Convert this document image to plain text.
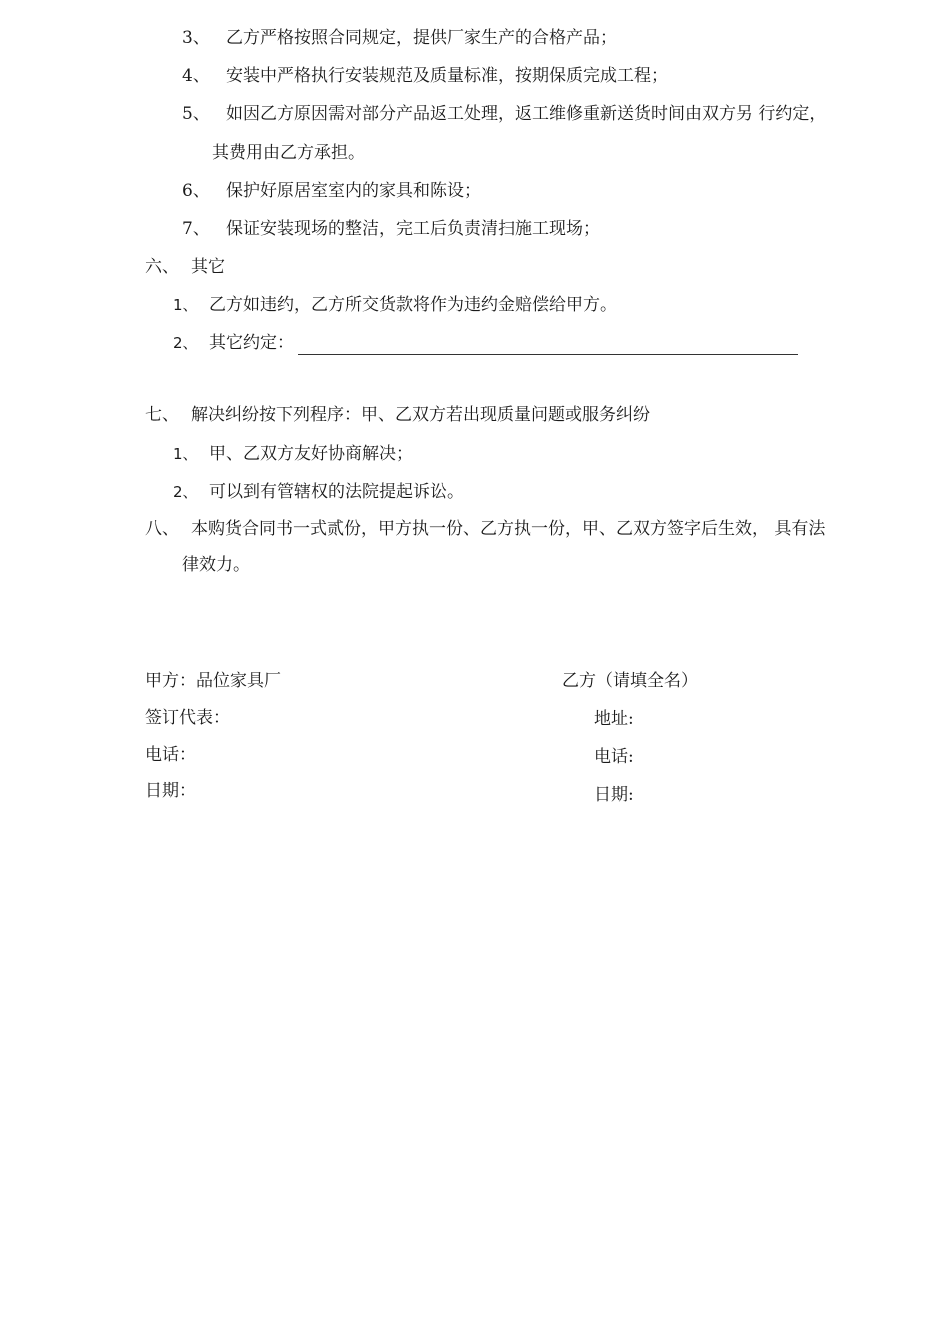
3、 乙方严格按照合同规定，提供厂家生产的合格产品；
4、 安装中严格执行安装规范及质量标准，按期保质完成工程；
5、 如因乙方原因需对部分产品返工处理，返工维修重新送货时间由双方另 行约定，
其费用由乙方承担。
6、 保护好原居室室内的家具和陈设；
7、 保证安装现场的整洁，完工后负责清扫施工现场；
六、 其它
1、 乙方如违约，乙方所交货款将作为违约金赔偿给甲方。
2、 其它约定：
七、 解决纠纷按下列程序：甲、乙双方若出现质量问题或服务纠纷
1、 甲、乙双方友好协商解决；
2、 可以到有管辖权的法院提起诉讼。
八、 本购货合同书一式贰份，甲方执一份、乙方执一份，甲、乙双方签字后生效， 具有法
律效力。
甲方：品位家具厂
签订代表：
电话：
日期：
乙方（请填全名）
地址:
电话:
日期:
